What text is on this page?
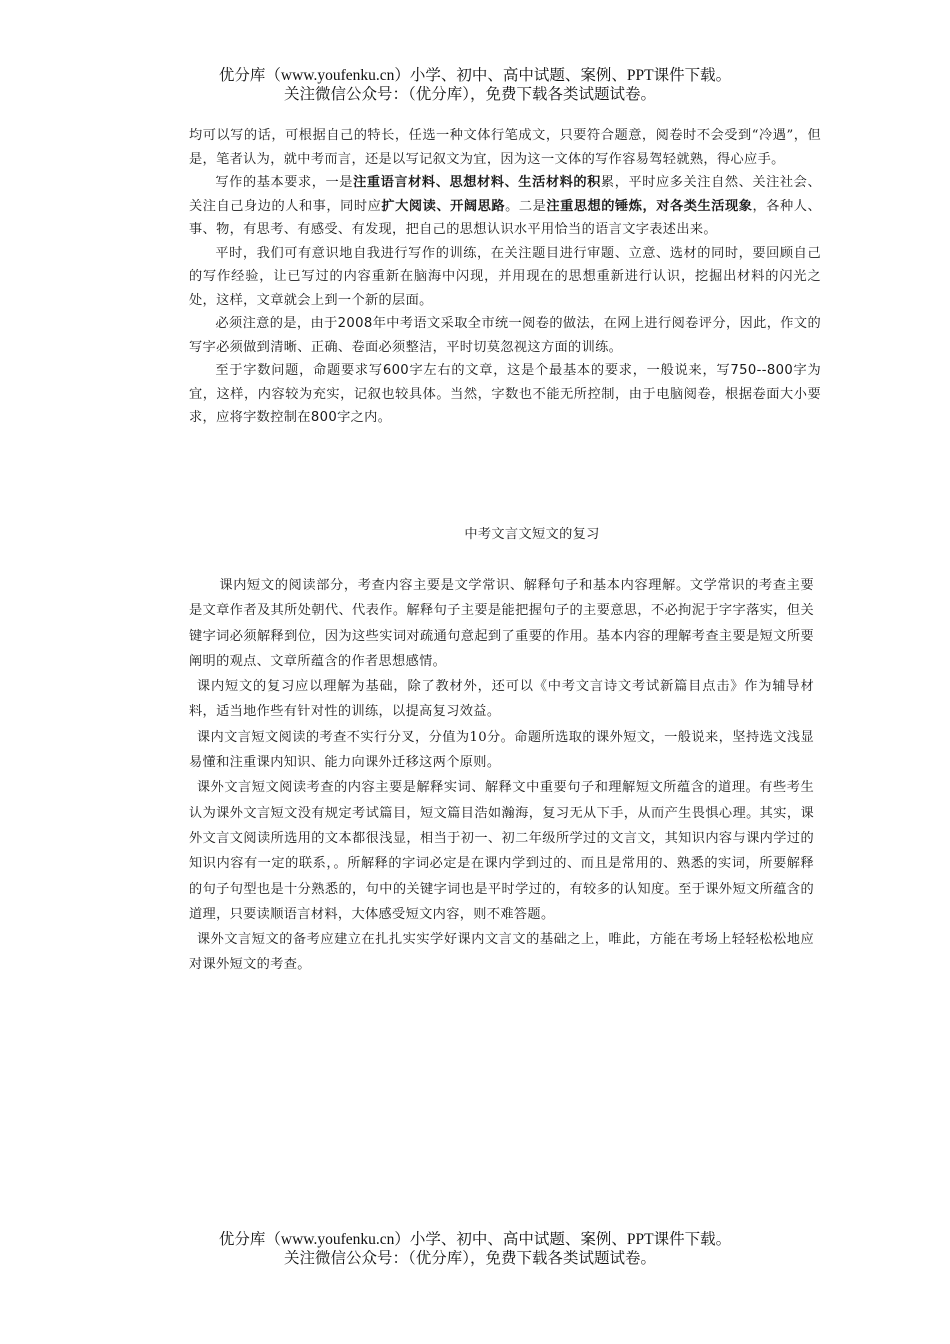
优分库（www.youfenku.cn）小学、初中、高中试题、案例、PPT课件下载。
关注微信公众号：（优分库），免费下载各类试题试卷。

均可以写的话，可根据自己的特长，任选一种文体行笔成文，只要符合题意，阅卷时不会受到“冷遇”，但是，笔者认为，就中考而言，还是以写记叙文为宜，因为这一文体的写作容易驾轻就熟，得心应手。

写作的基本要求，一是注重语言材料、思想材料、生活材料的积累，平时应多关注自然、关注社会、关注自己身边的人和事，同时应扩大阅读、开阔思路。二是注重思想的锤炼，对各类生活现象，各种人、事、物，有思考、有感受、有发现，把自己的思想认识水平用恰当的语言文字表述出来。

平时，我们可有意识地自我进行写作的训练，在关注题目进行审题、立意、选材的同时，要回顾自己的写作经验，让已写过的内容重新在脑海中闪现，并用现在的思想重新进行认识，挖掘出材料的闪光之处，这样，文章就会上到一个新的层面。

必须注意的是，由于2008年中考语文采取全市统一阅卷的做法，在网上进行阅卷评分，因此，作文的写字必须做到清晰、正确、卷面必须整洁，平时切莫忽视这方面的训练。

至于字数问题，命题要求写600字左右的文章，这是个最基本的要求，一般说来，写750--800字为宜，这样，内容较为充实，记叙也较具体。当然，字数也不能无所控制，由于电脑阅卷，根据卷面大小要求，应将字数控制在800字之内。

中考文言文短文的复习

课内短文的阅读部分，考查内容主要是文学常识、解释句子和基本内容理解。文学常识的考查主要是文章作者及其所处朝代、代表作。解释句子主要是能把握句子的主要意思，不必拘泥于字字落实，但关键字词必须解释到位，因为这些实词对疏通句意起到了重要的作用。基本内容的理解考查主要是短文所要阐明的观点、文章所蕴含的作者思想感情。

课内短文的复习应以理解为基础，除了教材外，还可以《中考文言诗文考试新篇目点击》作为辅导材料，适当地作些有针对性的训练，以提高复习效益。

课内文言短文阅读的考查不实行分叉，分值为10分。命题所选取的课外短文，一般说来，坚持选文浅显易懂和注重课内知识、能力向课外迁移这两个原则。

课外文言短文阅读考查的内容主要是解释实词、解释文中重要句子和理解短文所蕴含的道理。有些考生认为课外文言短文没有规定考试篇目，短文篇目浩如瀚海，复习无从下手，从而产生畏惧心理。其实，课外文言文阅读所选用的文本都很浅显，相当于初一、初二年级所学过的文言文，其知识内容与课内学过的知识内容有一定的联系，。所解释的字词必定是在课内学到过的、而且是常用的、熟悉的实词，所要解释的句子句型也是十分熟悉的，句中的关键字词也是平时学过的，有较多的认知度。至于课外短文所蕴含的道理，只要读顺语言材料，大体感受短文内容，则不难答题。

课外文言短文的备考应建立在扎扎实实学好课内文言文的基础之上，唯此，方能在考场上轻轻松松地应对课外短文的考查。

优分库（www.youfenku.cn）小学、初中、高中试题、案例、PPT课件下载。
关注微信公众号：（优分库），免费下载各类试题试卷。
